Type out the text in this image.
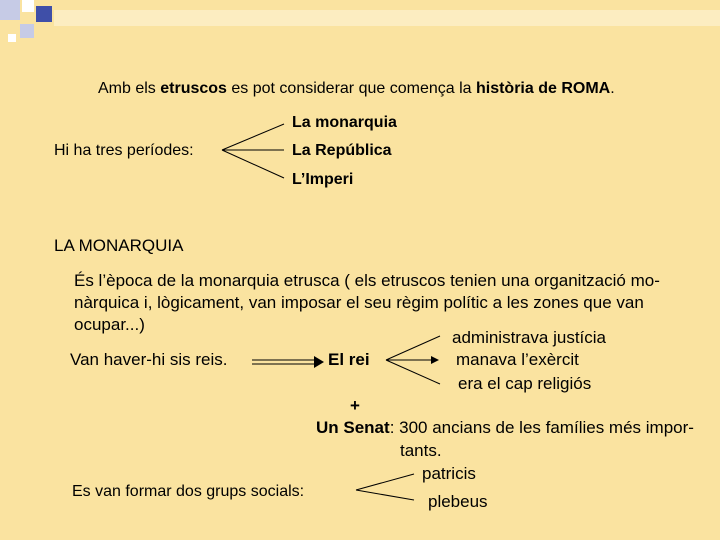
Amb els etruscos es pot considerar que comença la història de ROMA.
Hi ha tres períodes:
La monarquia
La República
L’Imperi
LA MONARQUIA
És l’època de la monarquia etrusca ( els etruscos tenien una organització mo-
nàrquica i, lògicament, van imposar el seu règim polític a les zones que van
ocupar...)
Van haver-hi sis reis.	El rei
administrava justícia
manava l’exèrcit
era el cap religiós
+
Un Senat: 300 ancians de les famílies més impor-
tants.
Es van formar dos grups socials:
patricis
plebeus
